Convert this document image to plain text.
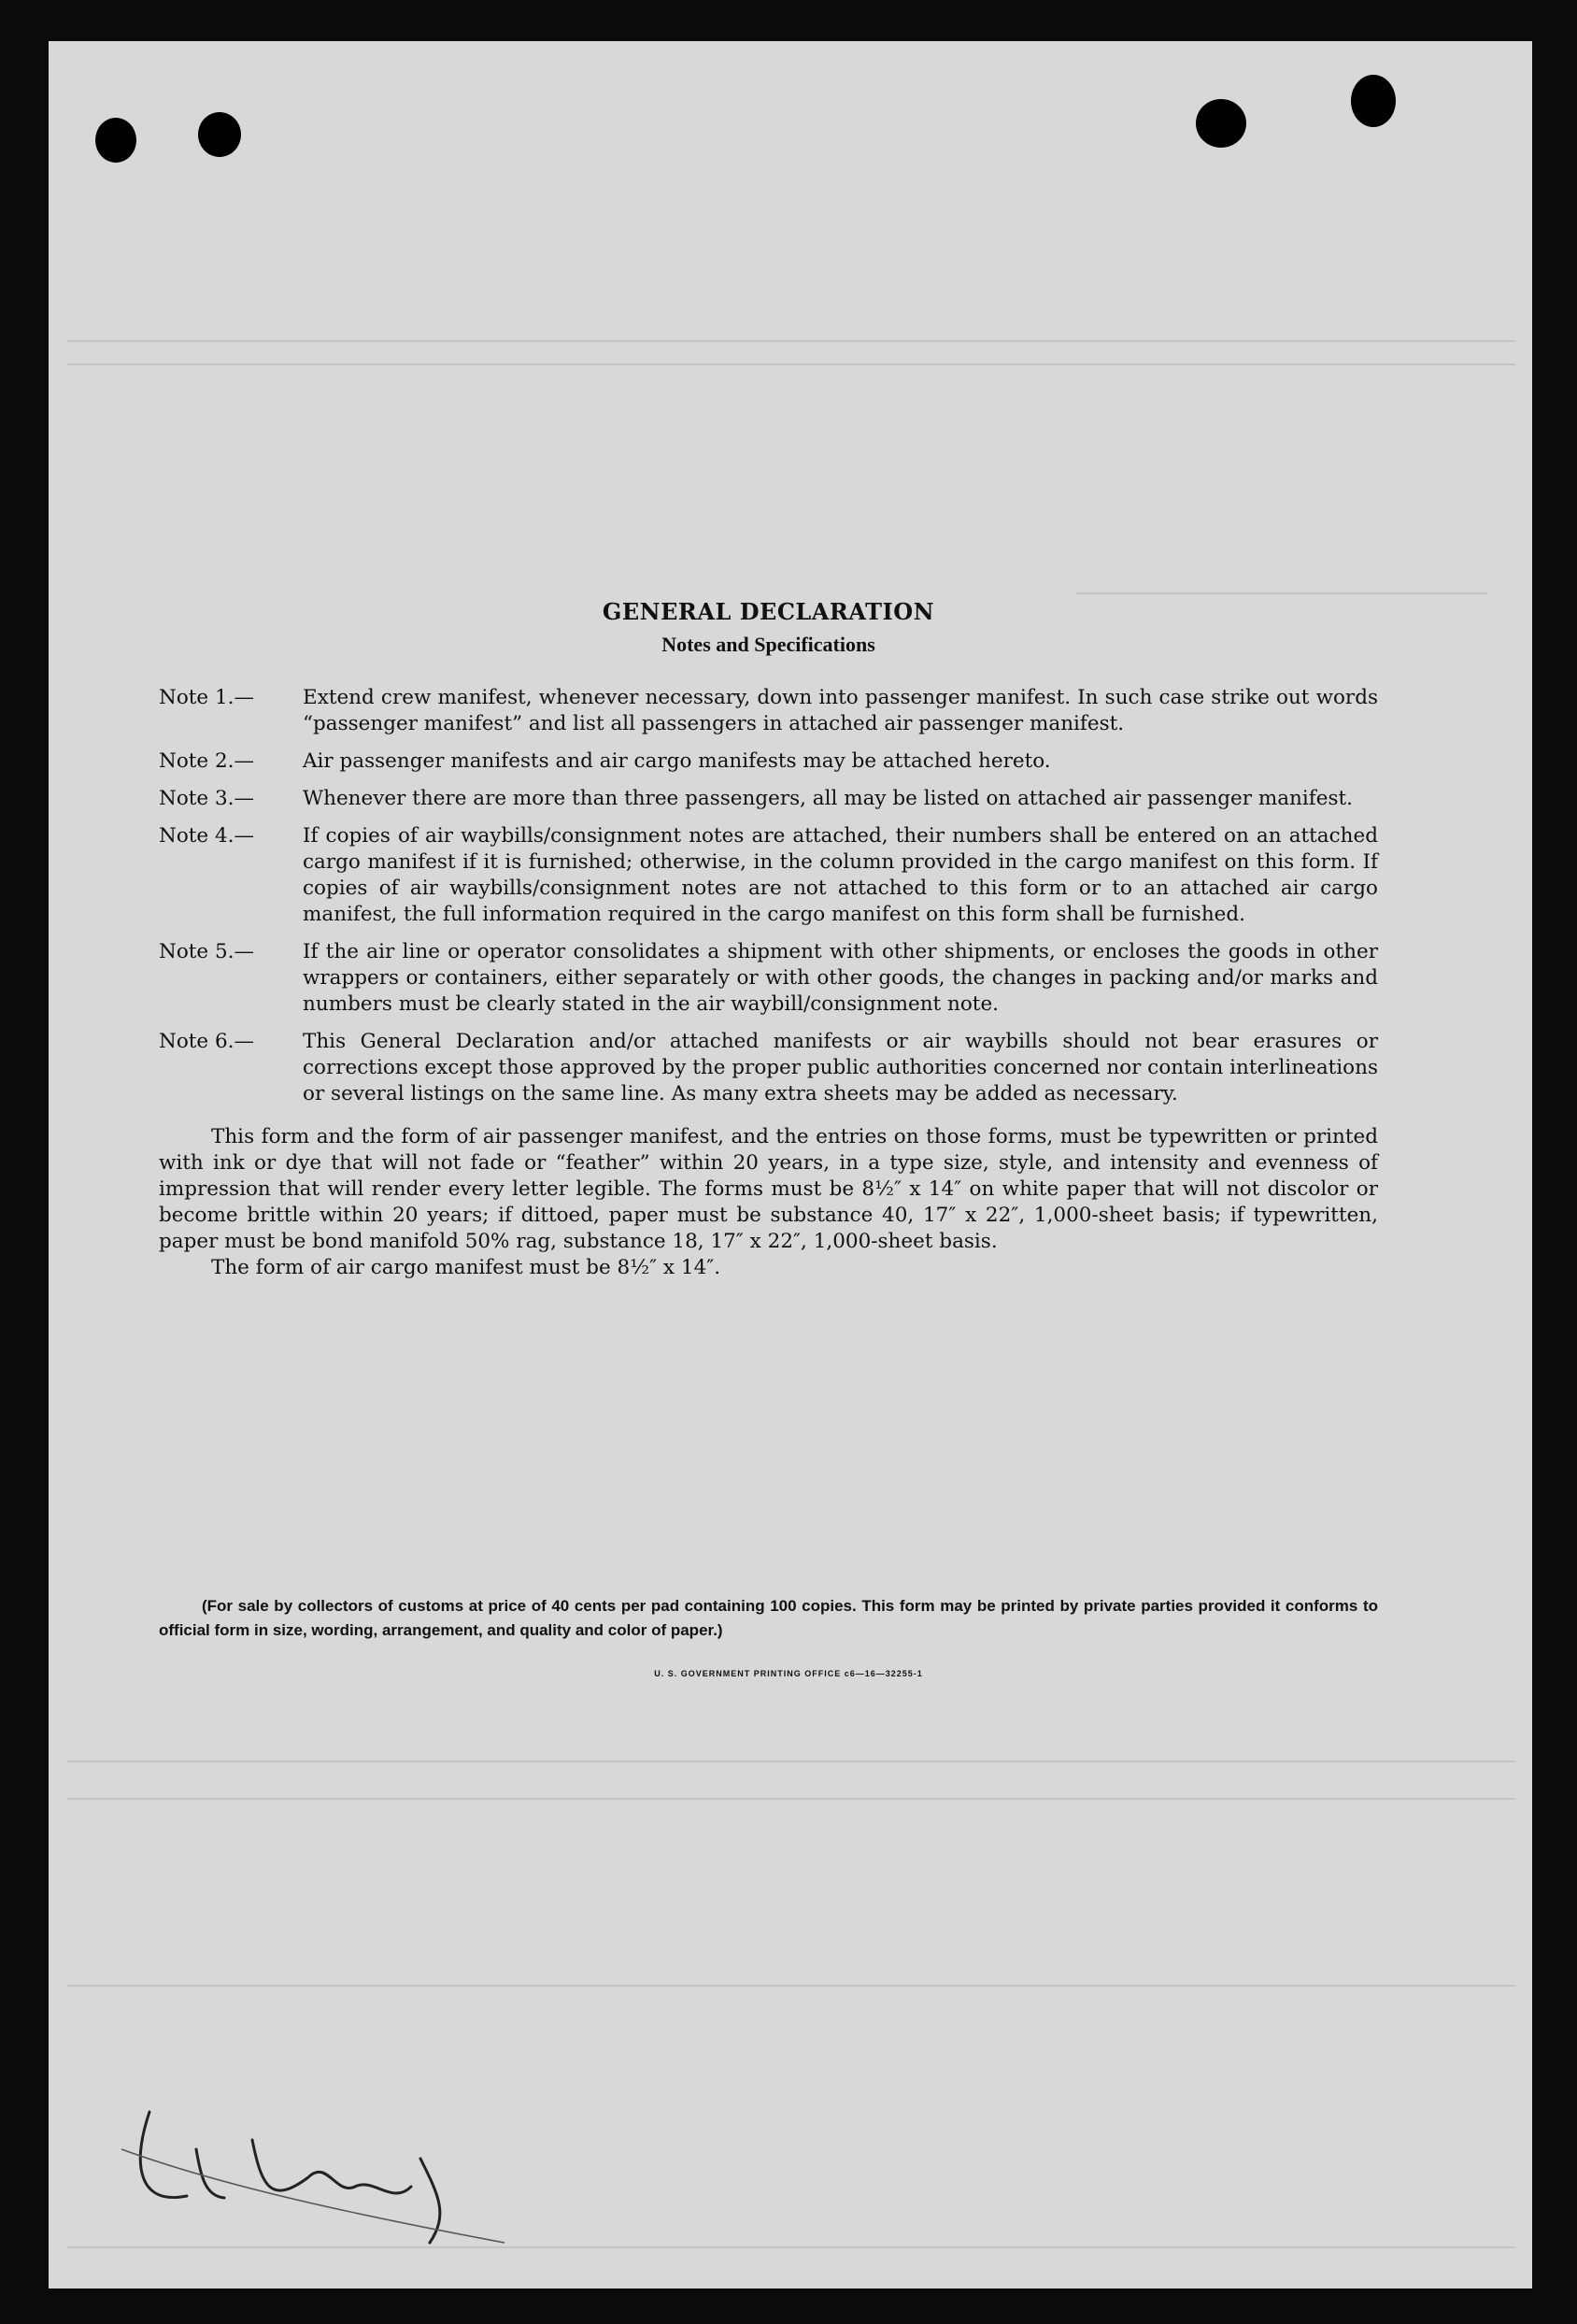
GENERAL DECLARATION
Notes and Specifications
Note 1.—	Extend crew manifest, whenever necessary, down into passenger manifest. In such case strike out words “passenger manifest” and list all passengers in attached air passenger manifest.
Note 2.—	Air passenger manifests and air cargo manifests may be attached hereto.
Note 3.—	Whenever there are more than three passengers, all may be listed on attached air passenger manifest.
Note 4.—	If copies of air waybills/consignment notes are attached, their numbers shall be entered on an attached cargo manifest if it is furnished; otherwise, in the column provided in the cargo manifest on this form. If copies of air waybills/consignment notes are not attached to this form or to an attached air cargo manifest, the full information required in the cargo manifest on this form shall be furnished.
Note 5.—	If the air line or operator consolidates a shipment with other shipments, or encloses the goods in other wrappers or containers, either separately or with other goods, the changes in packing and/or marks and numbers must be clearly stated in the air waybill/consignment note.
Note 6.—	This General Declaration and/or attached manifests or air waybills should not bear erasures or corrections except those approved by the proper public authorities concerned nor contain interlineations or several listings on the same line. As many extra sheets may be added as necessary.
This form and the form of air passenger manifest, and the entries on those forms, must be typewritten or printed with ink or dye that will not fade or “feather” within 20 years, in a type size, style, and intensity and evenness of impression that will render every letter legible. The forms must be 8½″ x 14″ on white paper that will not discolor or become brittle within 20 years; if dittoed, paper must be substance 40, 17″ x 22″, 1,000-sheet basis; if typewritten, paper must be bond manifold 50% rag, substance 18, 17″ x 22″, 1,000-sheet basis.
The form of air cargo manifest must be 8½″ x 14″.
(For sale by collectors of customs at price of 40 cents per pad containing 100 copies. This form may be printed by private parties provided it conforms to official form in size, wording, arrangement, and quality and color of paper.)
U. S. GOVERNMENT PRINTING OFFICE c6—16—32255-1
